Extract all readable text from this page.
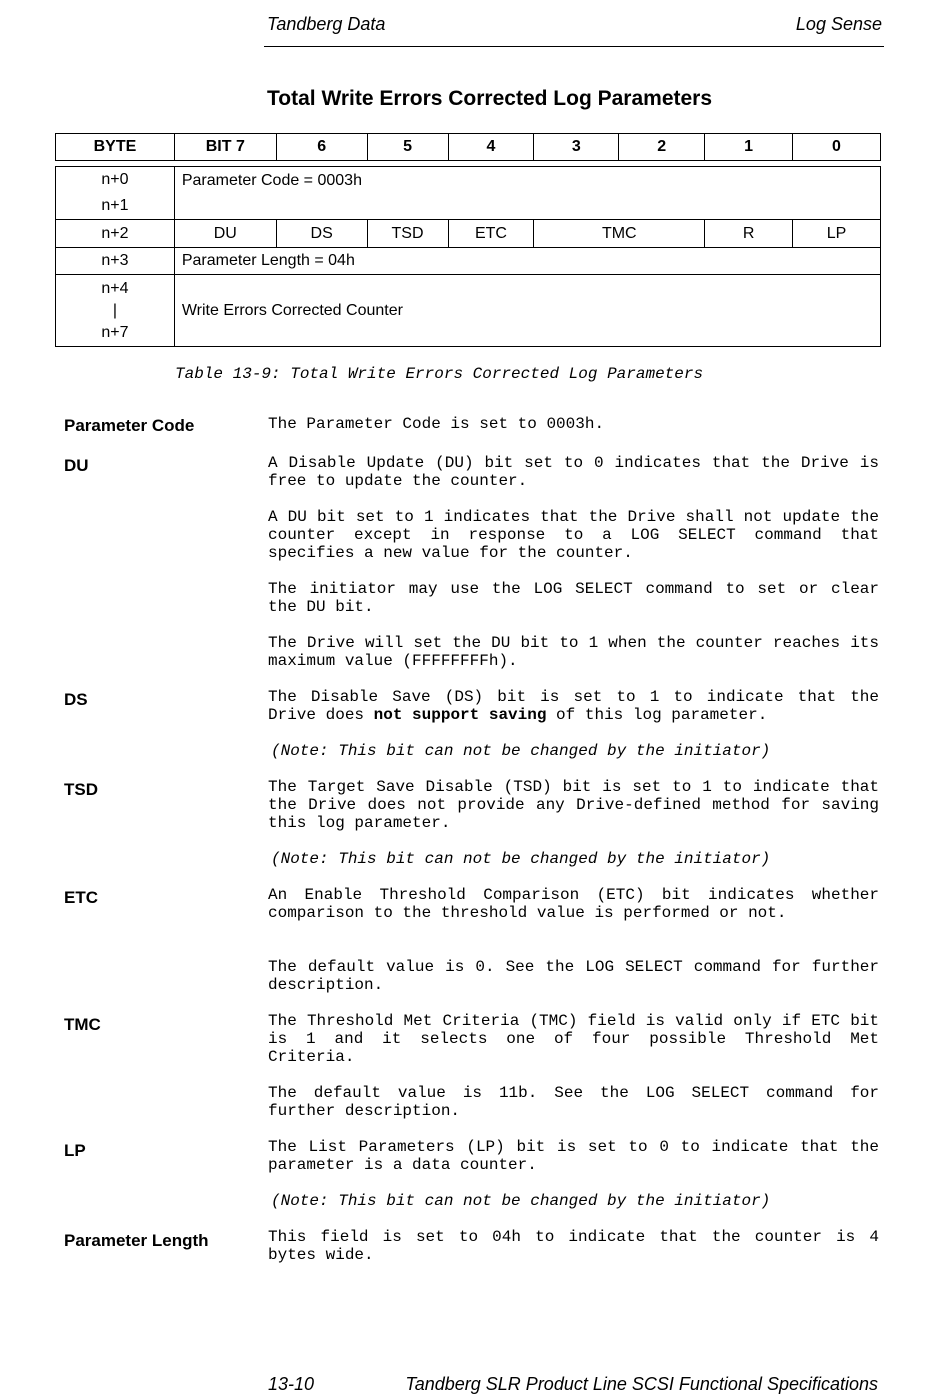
Tandberg Data	Log Sense
Total Write Errors Corrected Log Parameters
BYTE	BIT 7	6	5	4	3	2	1	0
n+0
n+1	Parameter Code = 0003h						
n+2	DU	DS	TSD	ETC	TMC	R	LP
n+3	Parameter Length = 04h						

n+4
|
n+7	Write Errors Corrected Counter						
Table 13-9: Total Write Errors Corrected Log Parameters
Parameter Code	The Parameter Code is set to 0003h.
DU	A Disable Update (DU) bit set to 0 indicates that the Drive is free to update the counter.
A DU bit set to 1 indicates that the Drive shall not update the counter except in response to a LOG SELECT command that specifies a new value for the counter.
The initiator may use the LOG SELECT command to set or clear the DU bit.
The Drive will set the DU bit to 1 when the counter reaches its maximum value (FFFFFFFFh).
DS	The Disable Save (DS) bit is set to 1 to indicate that the Drive does not support saving of this log parameter.
(Note: This bit can not be changed by the initiator)
TSD	The Target Save Disable (TSD) bit is set to 1 to indicate that the Drive does not provide any Drive-defined method for saving this log parameter.
(Note: This bit can not be changed by the initiator)
ETC	An Enable Threshold Comparison (ETC) bit indicates whether comparison to the threshold value is performed or not.
The default value is 0. See the LOG SELECT command for further description.
TMC	The Threshold Met Criteria (TMC) field is valid only if ETC bit is 1 and it selects one of four possible Threshold Met Criteria.
The default value is 11b. See the LOG SELECT command for further description.
LP	The List Parameters (LP) bit is set to 0 to indicate that the parameter is a data counter.
(Note: This bit can not be changed by the initiator)
Parameter Length	This field is set to 04h to indicate that the counter is 4 bytes wide.
13-10	Tandberg SLR Product Line SCSI Functional Specifications
